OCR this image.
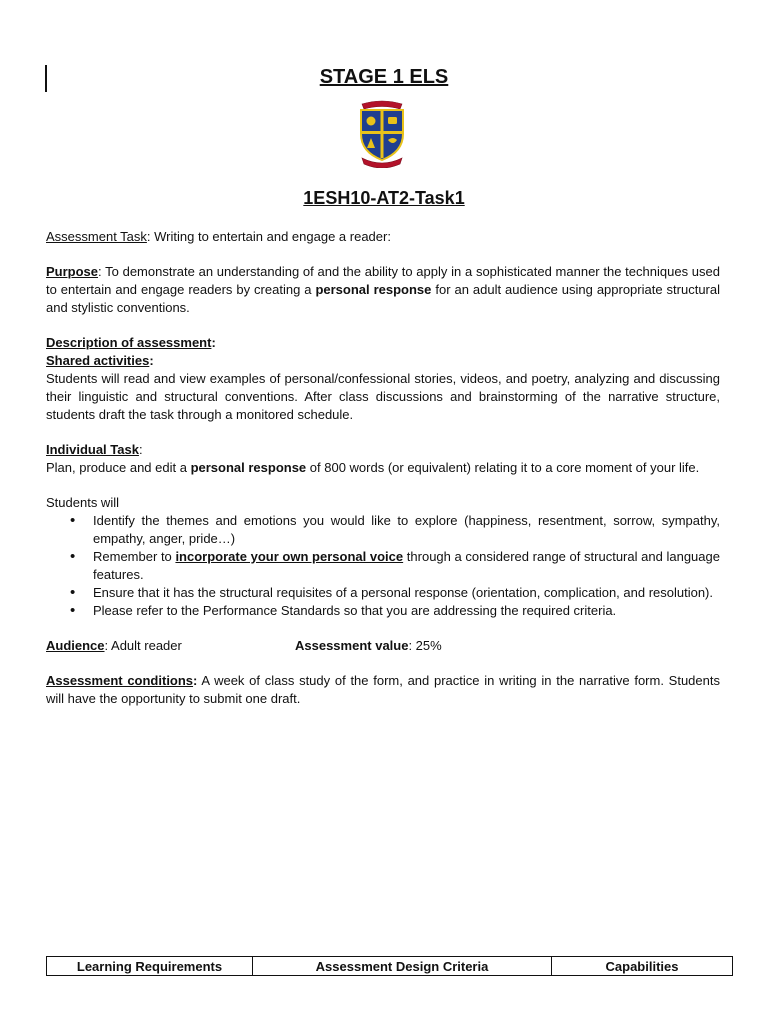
STAGE 1 ELS
1ESH10-AT2-Task1

Assessment Task: Writing to entertain and engage a reader:

Purpose: To demonstrate an understanding of and the ability to apply in a sophisticated manner the techniques used to entertain and engage readers by creating a personal response for an adult audience using appropriate structural and stylistic conventions.

Description of assessment:

Shared activities:

Students will read and view examples of personal/confessional stories, videos, and poetry, analyzing and discussing their linguistic and structural conventions. After class discussions and brainstorming of the narrative structure, students draft the task through a monitored schedule.

Individual Task:

Plan, produce and edit a personal response of 800 words (or equivalent) relating it to a core moment of your life.

Students will

• Identify the themes and emotions you would like to explore (happiness, resentment, sorrow, sympathy, empathy, anger, pride…)
• Remember to incorporate your own personal voice through a considered range of structural and language features.
• Ensure that it has the structural requisites of a personal response (orientation, complication, and resolution).
• Please refer to the Performance Standards so that you are addressing the required criteria.
Audience: Adult reader	Assessment value: 25%

Assessment conditions: A week of class study of the form, and practice in writing in the narrative form. Students will have the opportunity to submit one draft.

Learning Requirements	Assessment Design Criteria	Capabilities
